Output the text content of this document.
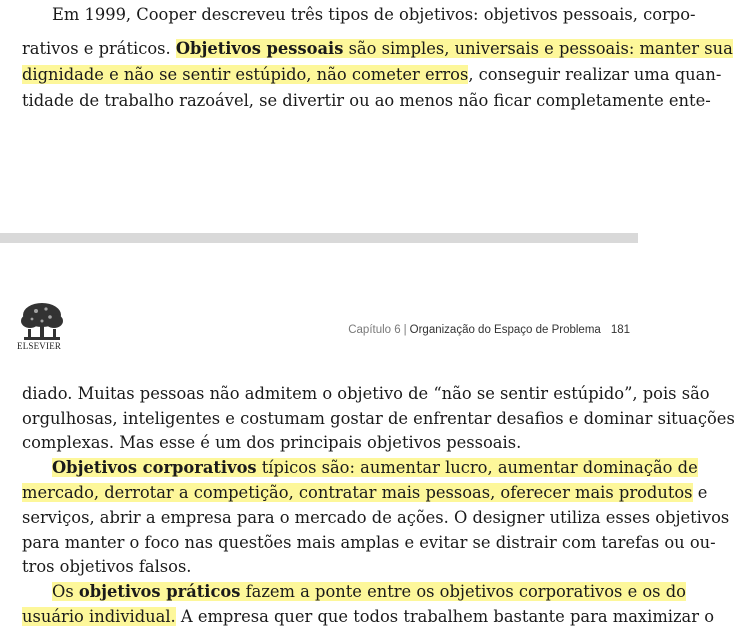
Em 1999, Cooper descreveu três tipos de objetivos: objetivos pessoais, corpo-
rativos e práticos. Objetivos pessoais são simples, universais e pessoais: manter sua
dignidade e não se sentir estúpido, não cometer erros, conseguir realizar uma quan-
tidade de trabalho razoável, se divertir ou ao menos não ficar completamente ente-
ELSEVIER
Capítulo 6 | Organização do Espaço de Problema 181
diado. Muitas pessoas não admitem o objetivo de “não se sentir estúpido”, pois são
orgulhosas, inteligentes e costumam gostar de enfrentar desafios e dominar situações
complexas. Mas esse é um dos principais objetivos pessoais.
Objetivos corporativos típicos são: aumentar lucro, aumentar dominação de
mercado, derrotar a competição, contratar mais pessoas, oferecer mais produtos e
serviços, abrir a empresa para o mercado de ações. O designer utiliza esses objetivos
para manter o foco nas questões mais amplas e evitar se distrair com tarefas ou ou-
tros objetivos falsos.
Os objetivos práticos fazem a ponte entre os objetivos corporativos e os do
usuário individual. A empresa quer que todos trabalhem bastante para maximizar o
